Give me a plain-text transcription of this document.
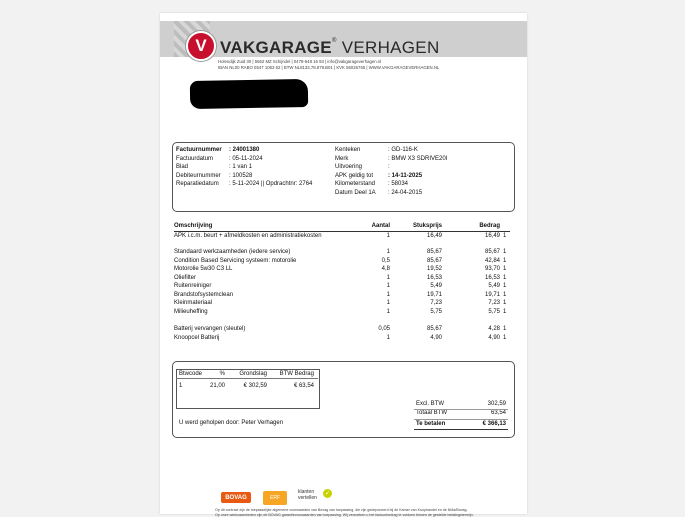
V VAKGARAGE® VERHAGEN
Holendijk Zuid 30 | 5562 MZ Schijndel | 0478-548 16 93 | info@vakgarageverhagen.nl
IBAN NL00 RABO 0547 1063 62 | BTW NL8133.78.879.B01 | KVK 56026765 | WWW.VAKGARAGEVERHAGEN.NL
U werd geholpen door: Peter Verhagen
BOVAG	ERF
klanten
vertellen
✓
Op dit contract zijn de toepasselijke algemene voorwaarden van Bovag van toepassing, die zijn gedeponeerd bij de Kamer van Koophandel en de NMa/Bovag.
Op onze werkzaamheden zijn de BOVAG garantievoorwaarden van toepassing. Wij verzoeken u het factuurbedrag te voldoen binnen de gestelde betalingstermijn.
Factuurnummer : 24001380
Factuurdatum	: 05-11-2024
Blad	: 1 van 1
Debiteurnummer : 100528
Reparatiedatum : 5-11-2024 || Opdrachtnr: 2764
Kenteken	: GD-116-K
Merk	: BMW X3 SDRIVE20I
Uitvoering	:
APK geldig tot : 14-11-2025
Kilometerstand : 58034
Datum Deel 1A : 24-04-2015
Omschrijving	Aantal	Stuksprijs	Bedrag
APK i.c.m. beurt + afmeldkosten en administratiekosten	1	16,49	16,49 1
Standaard werkzaamheden (iedere service)	1	85,67	85,67 1
Condition Based Servicing systeem: motorolie	0,5	85,67	42,84 1
Motorolie 5w30 C3 LL	4,8	19,52	93,70 1
Oliefilter	1	16,53	16,53 1
Ruitenreiniger	1	5,49	5,49 1
Brandstofsystemclean	1	19,71	19,71 1
Kleinmateriaal	1	7,23	7,23 1
Milieuheffing	1	5,75	5,75 1
Batterij vervangen (sleutel)	0,05	85,67	4,28 1
Knoopcel Batterij	1	4,90	4,90 1
Btwcode	%	Grondslag BTW Bedrag
1	21,00	€ 302,59	€ 63,54
Excl. BTW	302,59
Totaal BTW	63,54
Te betalen	€ 366,13
